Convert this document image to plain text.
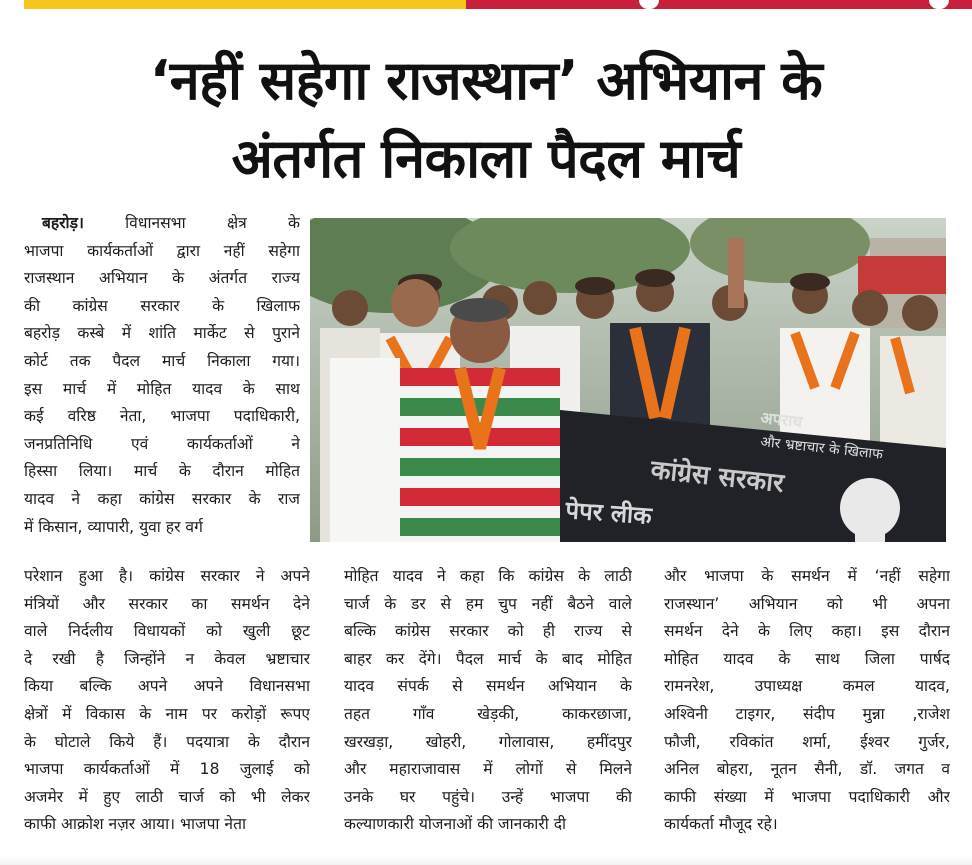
‘नहीं सहेगा राजस्थान’ अभियान के
अंतर्गत निकाला पैदल मार्च
बहरोड़। विधानसभा क्षेत्र के
भाजपा कार्यकर्ताओं द्वारा नहीं सहेगा
राजस्थान अभियान के अंतर्गत राज्य
की कांग्रेस सरकार के खिलाफ
बहरोड़ कस्बे में शांति मार्केट से पुराने
कोर्ट तक पैदल मार्च निकाला गया।
इस मार्च में मोहित यादव के साथ
कई वरिष्ठ नेता, भाजपा पदाधिकारी,
जनप्रतिनिधि एवं कार्यकर्ताओं ने
हिस्सा लिया। मार्च के दौरान मोहित
यादव ने कहा कांग्रेस सरकार के राज
में किसान, व्यापारी, युवा हर वर्ग
कांग्रेस सरकार
पेपर लीक
अपराध
और भ्रष्टाचार के खिलाफ
परेशान हुआ है। कांग्रेस सरकार ने अपने
मंत्रियों और सरकार का समर्थन देने
वाले निर्दलीय विधायकों को खुली छूट
दे रखी है जिन्होंने न केवल भ्रष्टाचार
किया बल्कि अपने अपने विधानसभा
क्षेत्रों में विकास के नाम पर करोड़ों रूपए
के घोटाले किये हैं। पदयात्रा के दौरान
भाजपा कार्यकर्ताओं में 18 जुलाई को
अजमेर में हुए लाठी चार्ज को भी लेकर
काफी आक्रोश नज़र आया। भाजपा नेता
मोहित यादव ने कहा कि कांग्रेस के लाठी
चार्ज के डर से हम चुप नहीं बैठने वाले
बल्कि कांग्रेस सरकार को ही राज्य से
बाहर कर देंगे। पैदल मार्च के बाद मोहित
यादव संपर्क से समर्थन अभियान के
तहत गाँव खेड़की, काकरछाजा,
खरखड़ा, खोहरी, गोलावास, हमींदपुर
और महाराजावास में लोगों से मिलने
उनके घर पहुंचे। उन्हें भाजपा की
कल्याणकारी योजनाओं की जानकारी दी
और भाजपा के समर्थन में ‘नहीं सहेगा
राजस्थान’ अभियान को भी अपना
समर्थन देने के लिए कहा। इस दौरान
मोहित यादव के साथ जिला पार्षद
रामनरेश, उपाध्यक्ष कमल यादव,
अश्विनी टाइगर, संदीप मुन्ना ,राजेश
फौजी, रविकांत शर्मा, ईश्वर गुर्जर,
अनिल बोहरा, नूतन सैनी, डॉ. जगत व
काफी संख्या में भाजपा पदाधिकारी और
कार्यकर्ता मौजूद रहे।
